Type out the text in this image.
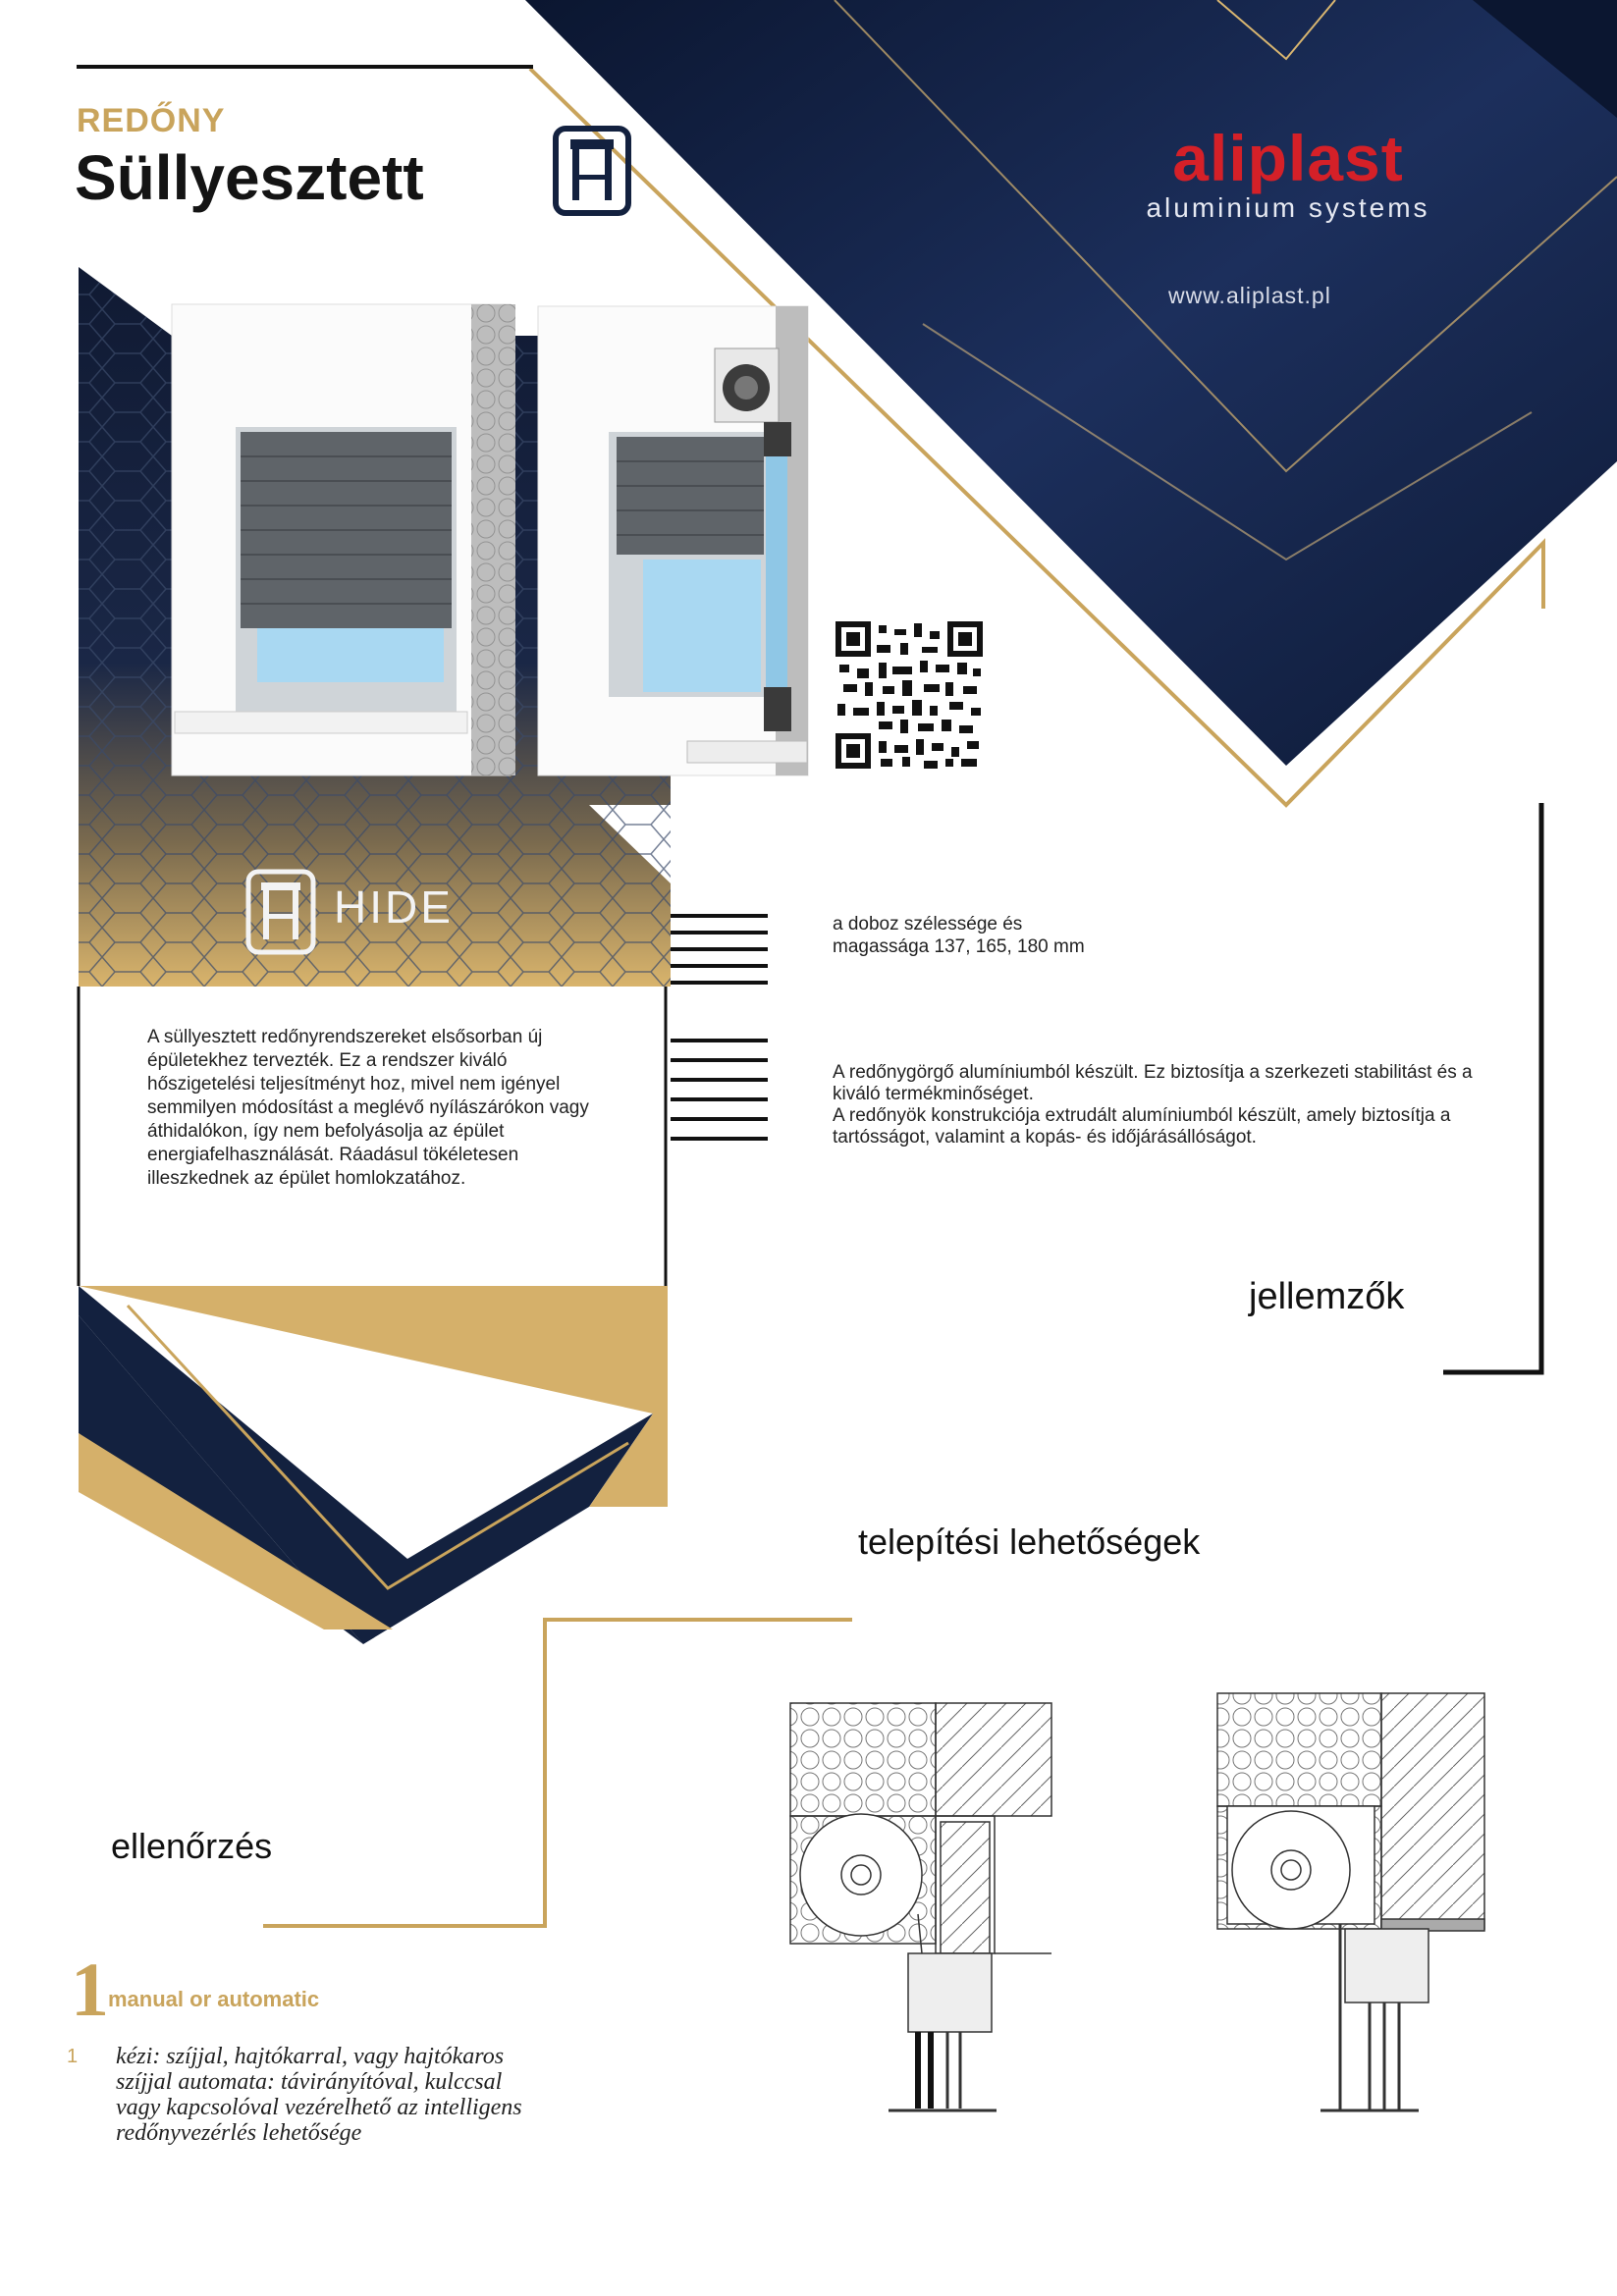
REDŐNY
Süllyesztett	aliplast
aluminium systems
www.aliplast.pl
HIDE
A süllyesztett redőnyrendszereket elsősorban új épületekhez tervezték. Ez a rendszer kiváló hőszigetelési teljesítményt hoz, mivel nem igényel semmilyen módosítást a meglévő nyílászárókon vagy áthidalókon, így nem befolyásolja az épület energiafelhasználását. Ráadásul tökéletesen illeszkednek az épület homlokzatához.
a doboz szélessége és magassága 137, 165, 180 mm

A redőnygörgő alumíniumból készült. Ez biztosítja a szerkezeti stabilitást és a kiváló termékminőséget.

A redőnyök konstrukciója extrudált alumíniumból készült, amely biztosítja a tartósságot, valamint a kopás- és időjárásállóságot.

jellemzők
telepítési lehetőségek
ellenőrzés
1 manual or automatic
1 kézi: szíjjal, hajtókarral, vagy hajtókaros szíjjal automata: távirányítóval, kulccsal vagy kapcsolóval vezérelhető az intelligens redőnyvezérlés lehetősége
